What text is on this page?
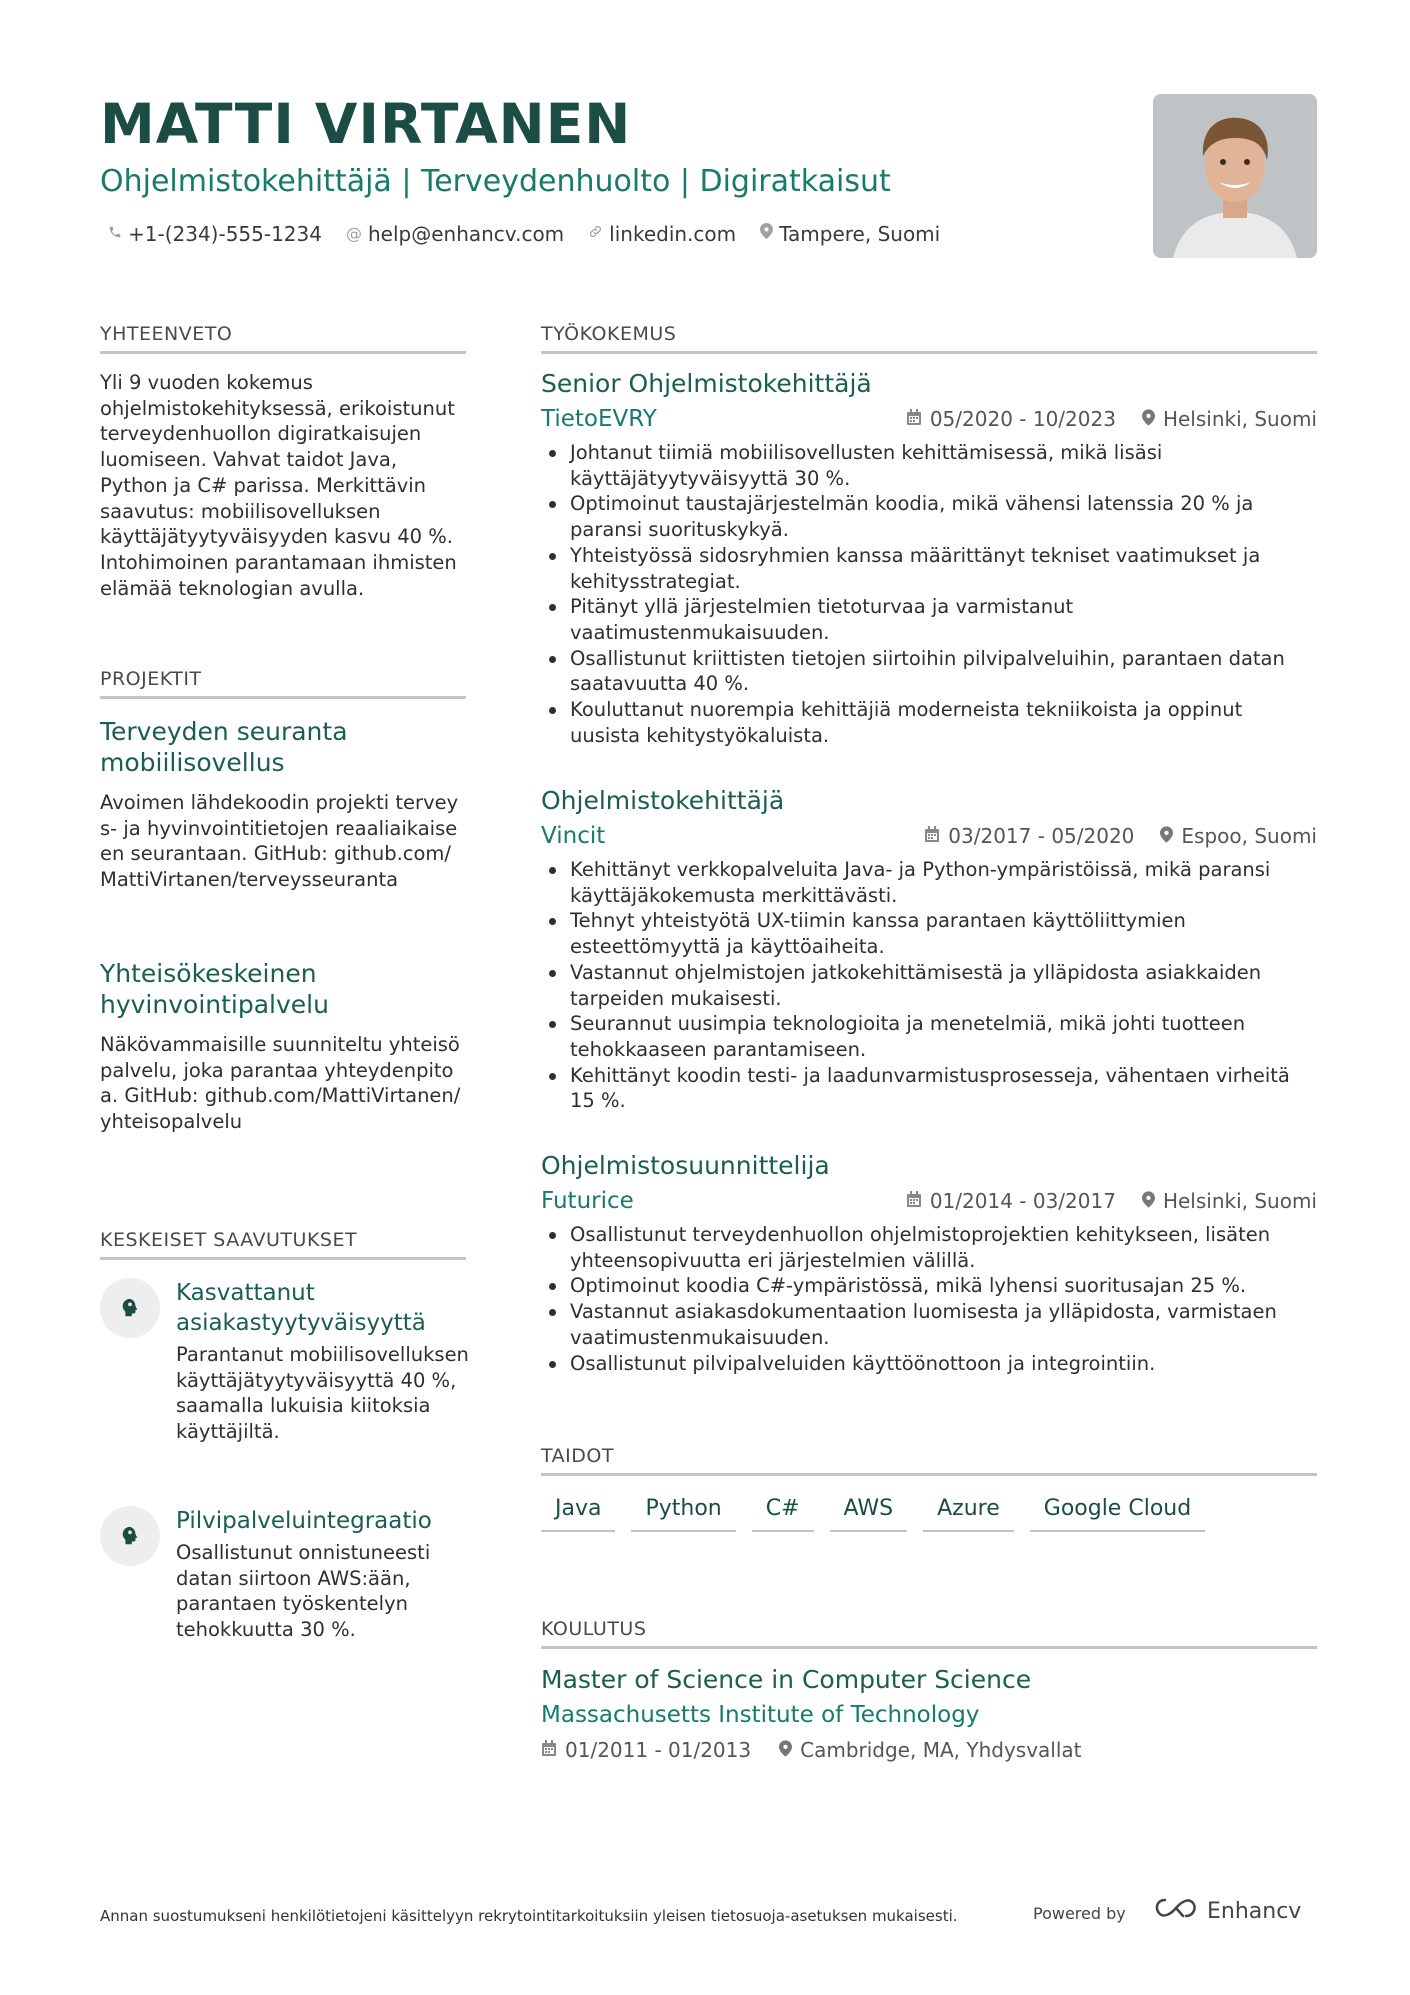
MATTI VIRTANEN
Ohjelmistokehittäjä | Terveydenhuolto | Digiratkaisut
+1-(234)-555-1234 @ help@enhancv.com linkedin.com Tampere, Suomi
YHTEENVETO
Yli 9 vuoden kokemus ohjelmistokehityksessä, erikoistunut terveydenhuollon digiratkaisujen luomiseen. Vahvat taidot Java, Python ja C# parissa. Merkittävin saavutus: mobiilisovelluksen käyttäjätyytyväisyyden kasvu 40 %. Intohimoinen parantamaan ihmisten elämää teknologian avulla.
PROJEKTIT
Terveyden seuranta mobiilisovellus
Avoimen lähdekoodin projekti terveys- ja hyvinvointitietojen reaaliaikaiseen seurantaan. GitHub: github.com/MattiVirtanen/terveysseuranta
Yhteisökeskeinen hyvinvointipalvelu
Näkövammaisille suunniteltu yhteisöpalvelu, joka parantaa yhteydenpitoa. GitHub: github.com/MattiVirtanen/yhteisopalvelu
KESKEISET SAAVUTUKSET
Kasvattanut asiakastyytyväisyyttä
Parantanut mobiilisovelluksen käyttäjätyytyväisyyttä 40 %, saamalla lukuisia kiitoksia käyttäjiltä.
Pilvipalveluintegraatio
Osallistunut onnistuneesti datan siirtoon AWS:ään, parantaen työskentelyn tehokkuutta 30 %.
TYÖKOKEMUS
Senior Ohjelmistokehittäjä
TietoEVRY	05/2020 - 10/2023 Helsinki, Suomi
Johtanut tiimiä mobiilisovellusten kehittämisessä, mikä lisäsi käyttäjätyytyväisyyttä 30 %.
Optimoinut taustajärjestelmän koodia, mikä vähensi latenssia 20 % ja paransi suorituskykyä.
Yhteistyössä sidosryhmien kanssa määrittänyt tekniset vaatimukset ja kehitysstrategiat.
Pitänyt yllä järjestelmien tietoturvaa ja varmistanut vaatimustenmukaisuuden.
Osallistunut kriittisten tietojen siirtoihin pilvipalveluihin, parantaen datan saatavuutta 40 %.
Kouluttanut nuorempia kehittäjiä moderneista tekniikoista ja oppinut uusista kehitystyökaluista.
Ohjelmistokehittäjä
Vincit	03/2017 - 05/2020 Espoo, Suomi
Kehittänyt verkkopalveluita Java- ja Python-ympäristöissä, mikä paransi käyttäjäkokemusta merkittävästi.
Tehnyt yhteistyötä UX-tiimin kanssa parantaen käyttöliittymien esteettömyyttä ja käyttöaiheita.
Vastannut ohjelmistojen jatkokehittämisestä ja ylläpidosta asiakkaiden tarpeiden mukaisesti.
Seurannut uusimpia teknologioita ja menetelmiä, mikä johti tuotteen tehokkaaseen parantamiseen.
Kehittänyt koodin testi- ja laadunvarmistusprosesseja, vähentaen virheitä 15 %.
Ohjelmistosuunnittelija
Futurice	01/2014 - 03/2017 Helsinki, Suomi
Osallistunut terveydenhuollon ohjelmistoprojektien kehitykseen, lisäten yhteensopivuutta eri järjestelmien välillä.
Optimoinut koodia C#-ympäristössä, mikä lyhensi suoritusajan 25 %.
Vastannut asiakasdokumentaation luomisesta ja ylläpidosta, varmistaen vaatimustenmukaisuuden.
Osallistunut pilvipalveluiden käyttöönottoon ja integrointiin.
TAIDOT
Java	Python	C#	AWS	Azure	Google Cloud
KOULUTUS
Master of Science in Computer Science
Massachusetts Institute of Technology
01/2011 - 01/2013 Cambridge, MA, Yhdysvallat
Annan suostumukseni henkilötietojeni käsittelyyn rekrytointitarkoituksiin yleisen tietosuoja-asetuksen mukaisesti.	Powered by	Enhancv
